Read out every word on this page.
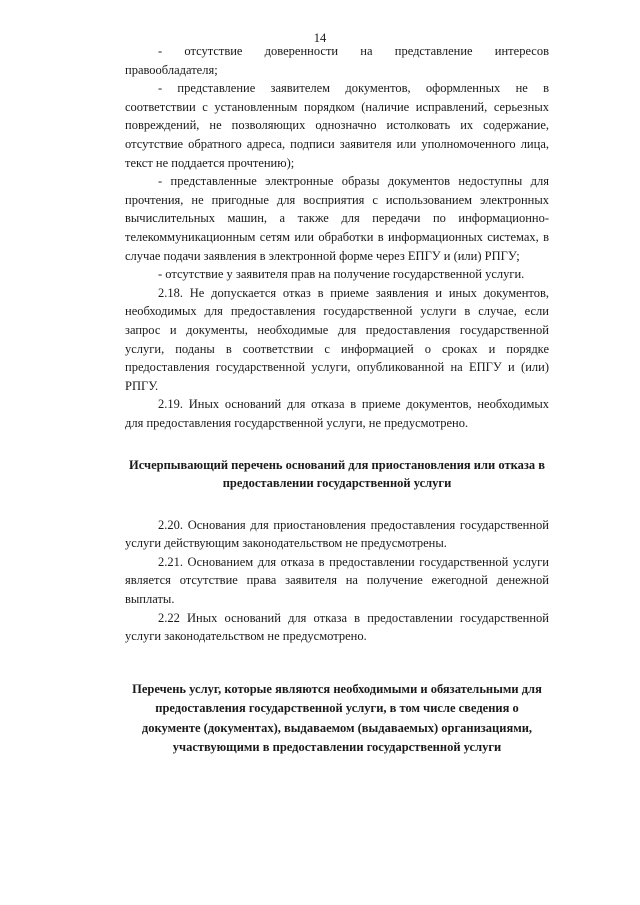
14

- отсутствие доверенности на представление интересов правообладателя;

- представление заявителем документов, оформленных не в соответствии с установленным порядком (наличие исправлений, серьезных повреждений, не позволяющих однозначно истолковать их содержание, отсутствие обратного адреса, подписи заявителя или уполномоченного лица, текст не поддается прочтению);

- представленные электронные образы документов недоступны для прочтения, не пригодные для восприятия с использованием электронных вычислительных машин, а также для передачи по информационно-телекоммуникационным сетям или обработки в информационных системах, в случае подачи заявления в электронной форме через ЕПГУ и (или) РПГУ;

- отсутствие у заявителя прав на получение государственной услуги.

2.18. Не допускается отказ в приеме заявления и иных документов, необходимых для предоставления государственной услуги в случае, если запрос и документы, необходимые для предоставления государственной услуги, поданы в соответствии с информацией о сроках и порядке предоставления государственной услуги, опубликованной на ЕПГУ и (или) РПГУ.

2.19. Иных оснований для отказа в приеме документов, необходимых для предоставления государственной услуги, не предусмотрено.

Исчерпывающий перечень оснований для приостановления или отказа в предоставлении государственной услуги

2.20. Основания для приостановления предоставления государственной услуги действующим законодательством не предусмотрены.

2.21. Основанием для отказа в предоставлении государственной услуги является отсутствие права заявителя на получение ежегодной денежной выплаты.

2.22 Иных оснований для отказа в предоставлении государственной услуги законодательством не предусмотрено.

Перечень услуг, которые являются необходимыми и обязательными для предоставления государственной услуги, в том числе сведения о документе (документах), выдаваемом (выдаваемых) организациями, участвующими в предоставлении государственной услуги
